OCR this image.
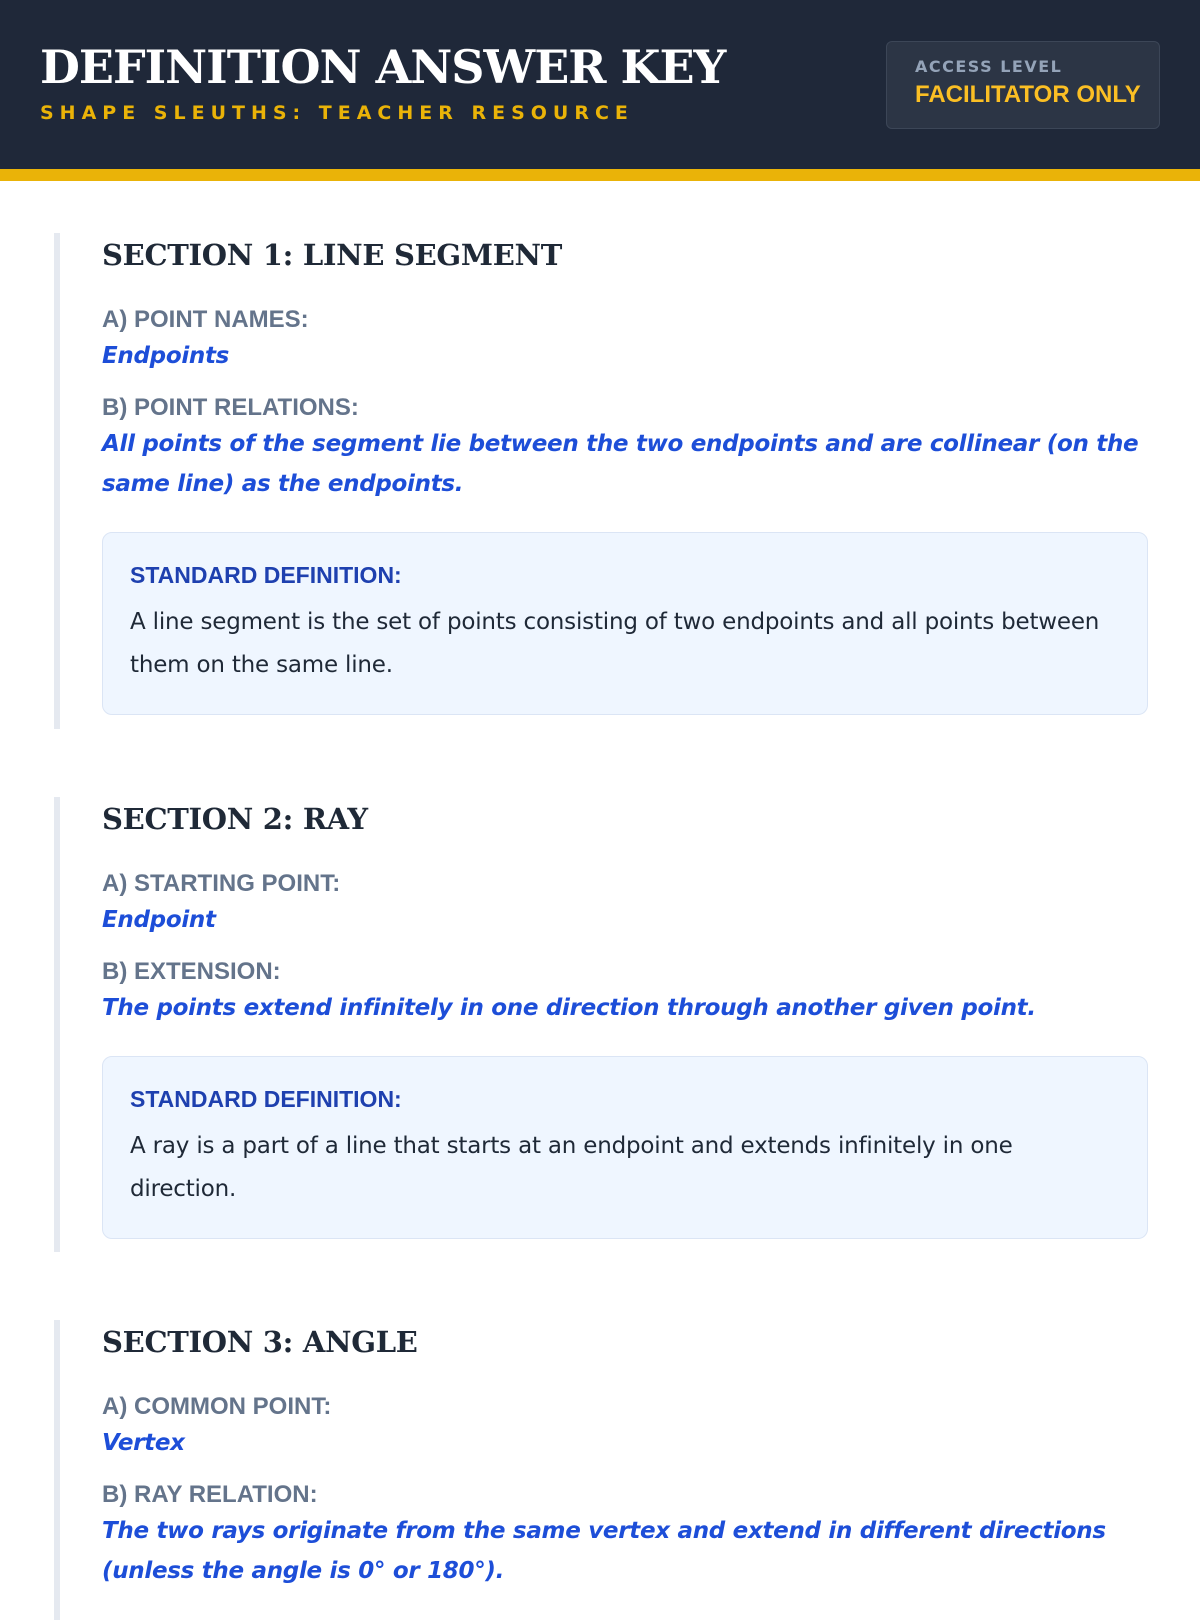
DEFINITION ANSWER KEY
SHAPE SLEUTHS: TEACHER RESOURCE
ACCESS LEVEL
FACILITATOR ONLY
SECTION 1: LINE SEGMENT
A) POINT NAMES:
Endpoints
B) POINT RELATIONS:
All points of the segment lie between the two endpoints and are collinear (on the same line) as the endpoints.
STANDARD DEFINITION:
A line segment is the set of points consisting of two endpoints and all points between them on the same line.
SECTION 2: RAY
A) STARTING POINT:
Endpoint
B) EXTENSION:
The points extend infinitely in one direction through another given point.
STANDARD DEFINITION:
A ray is a part of a line that starts at an endpoint and extends infinitely in one direction.
SECTION 3: ANGLE
A) COMMON POINT:
Vertex
B) RAY RELATION:
The two rays originate from the same vertex and extend in different directions (unless the angle is 0° or 180°).
